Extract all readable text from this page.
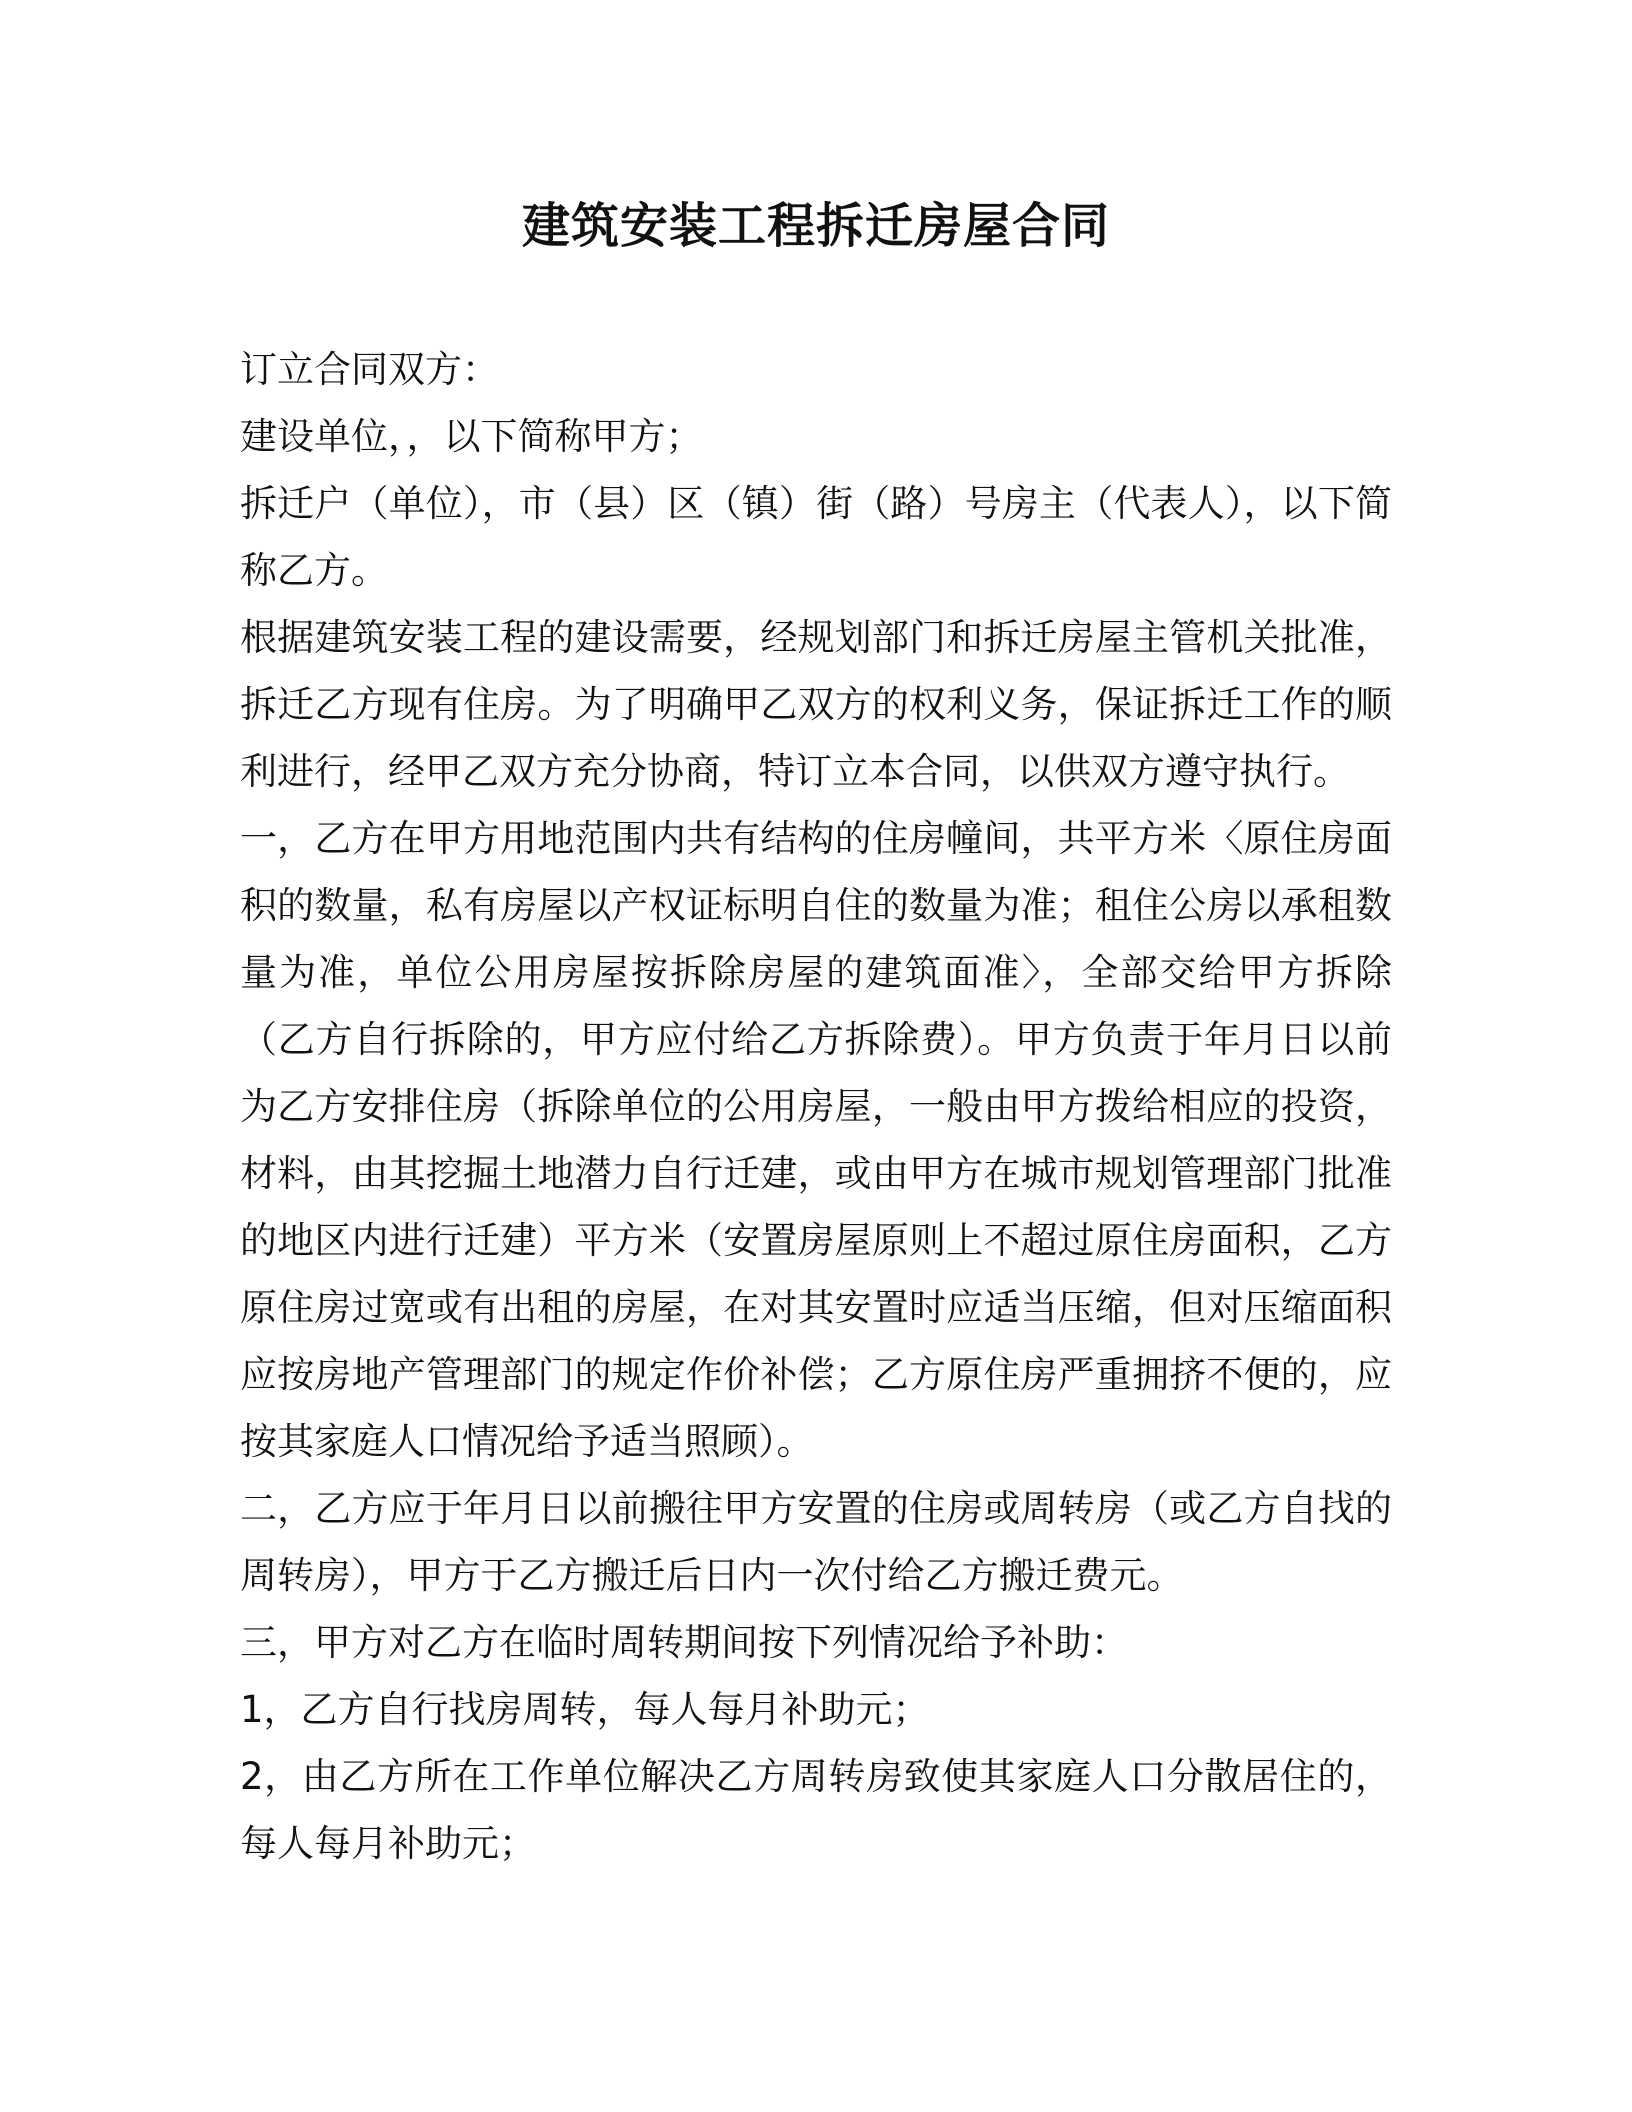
建筑安装工程拆迁房屋合同

订立合同双方：

建设单位，，以下简称甲方；

拆迁户（单位），市（县）区（镇）街（路）号房主（代表人），以下简称乙方。

根据建筑安装工程的建设需要，经规划部门和拆迁房屋主管机关批准，拆迁乙方现有住房。为了明确甲乙双方的权利义务，保证拆迁工作的顺利进行，经甲乙双方充分协商，特订立本合同，以供双方遵守执行。

一，乙方在甲方用地范围内共有结构的住房幢间，共平方米〈原住房面积的数量，私有房屋以产权证标明自住的数量为准；租住公房以承租数量为准，单位公用房屋按拆除房屋的建筑面准〉，全部交给甲方拆除（乙方自行拆除的，甲方应付给乙方拆除费）。甲方负责于年月日以前为乙方安排住房（拆除单位的公用房屋，一般由甲方拨给相应的投资，材料，由其挖掘土地潜力自行迁建，或由甲方在城市规划管理部门批准的地区内进行迁建）平方米（安置房屋原则上不超过原住房面积，乙方原住房过宽或有出租的房屋，在对其安置时应适当压缩，但对压缩面积应按房地产管理部门的规定作价补偿；乙方原住房严重拥挤不便的，应按其家庭人口情况给予适当照顾）。

二，乙方应于年月日以前搬往甲方安置的住房或周转房（或乙方自找的周转房），甲方于乙方搬迁后日内一次付给乙方搬迁费元。

三，甲方对乙方在临时周转期间按下列情况给予补助：

1，乙方自行找房周转，每人每月补助元；

2，由乙方所在工作单位解决乙方周转房致使其家庭人口分散居住的，每人每月补助元；
